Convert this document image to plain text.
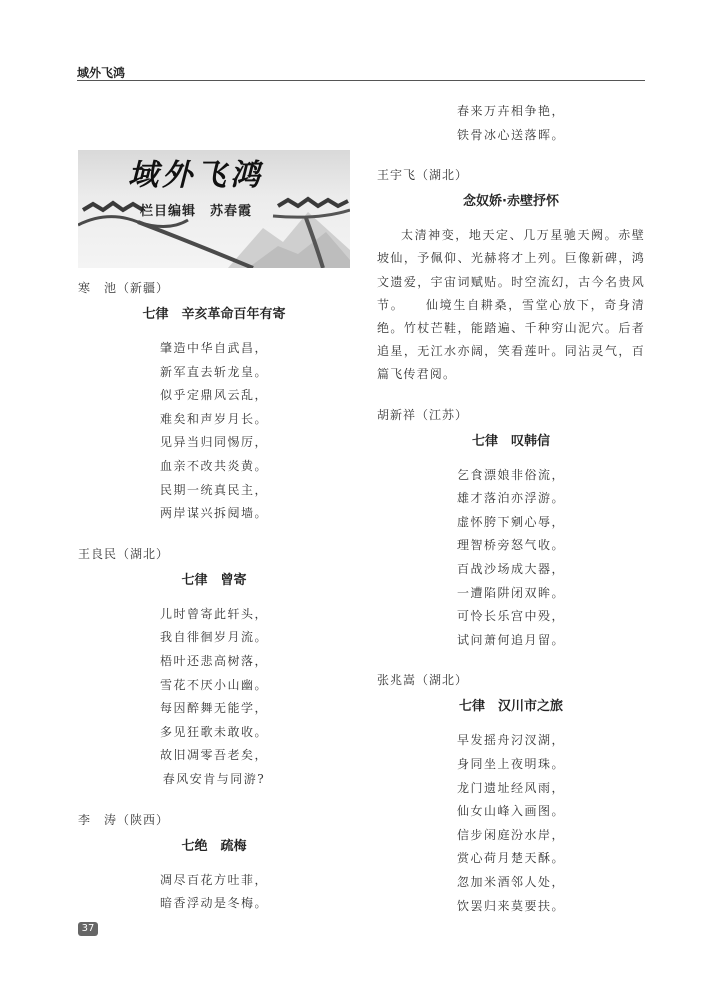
域外飞鸿
域外飞鸿
栏目编辑 苏春霞
寒　池（新疆）
七律　辛亥革命百年有寄
肇造中华自武昌，
新军直去斩龙皇。
似乎定鼎风云乱，
难矣和声岁月长。
见异当归同惕厉，
血亲不改共炎黄。
民期一统真民主，
两岸谋兴拆阋墙。
王良民（湖北）
七律　曾寄
儿时曾寄此轩头，
我自徘徊岁月流。
梧叶还悲高树落，
雪花不厌小山幽。
每因醉舞无能学，
多见狂歌未敢收。
故旧凋零吾老矣，
春风安肯与同游?
李　涛（陕西）
七绝　疏梅
凋尽百花方吐菲，
暗香浮动是冬梅。
春来万卉相争艳，
铁骨冰心送落晖。
王宇飞（湖北）
念奴娇·赤壁抒怀

太清神变，地天定、几万星驰天阙。赤壁坡仙，予佩仰、光赫将才上列。巨像新碑，鸿文遗爱，宇宙词赋贴。时空流幻，古今名贵风节。　　仙境生自耕桑，雪堂心放下，奇身清绝。竹杖芒鞋，能踏遍、千种穷山泥穴。后者追星，无江水亦阔，笑看莲叶。同沾灵气，百篇飞传君阅。

胡新祥（江苏）
七律　叹韩信
乞食漂娘非俗流，
雄才落泊亦浮游。
虚怀胯下剜心辱，
理智桥旁怒气收。
百战沙场成大器，
一遭陷阱闭双眸。
可怜长乐宫中殁，
试问萧何追月留。
张兆嵩（湖北）
七律　汉川市之旅
早发摇舟汈汊湖，
身同坐上夜明珠。
龙门遗址经风雨，
仙女山峰入画图。
信步闲庭汾水岸，
赏心荷月楚天酥。
忽加米酒邻人处，
饮罢归来莫要扶。
37
